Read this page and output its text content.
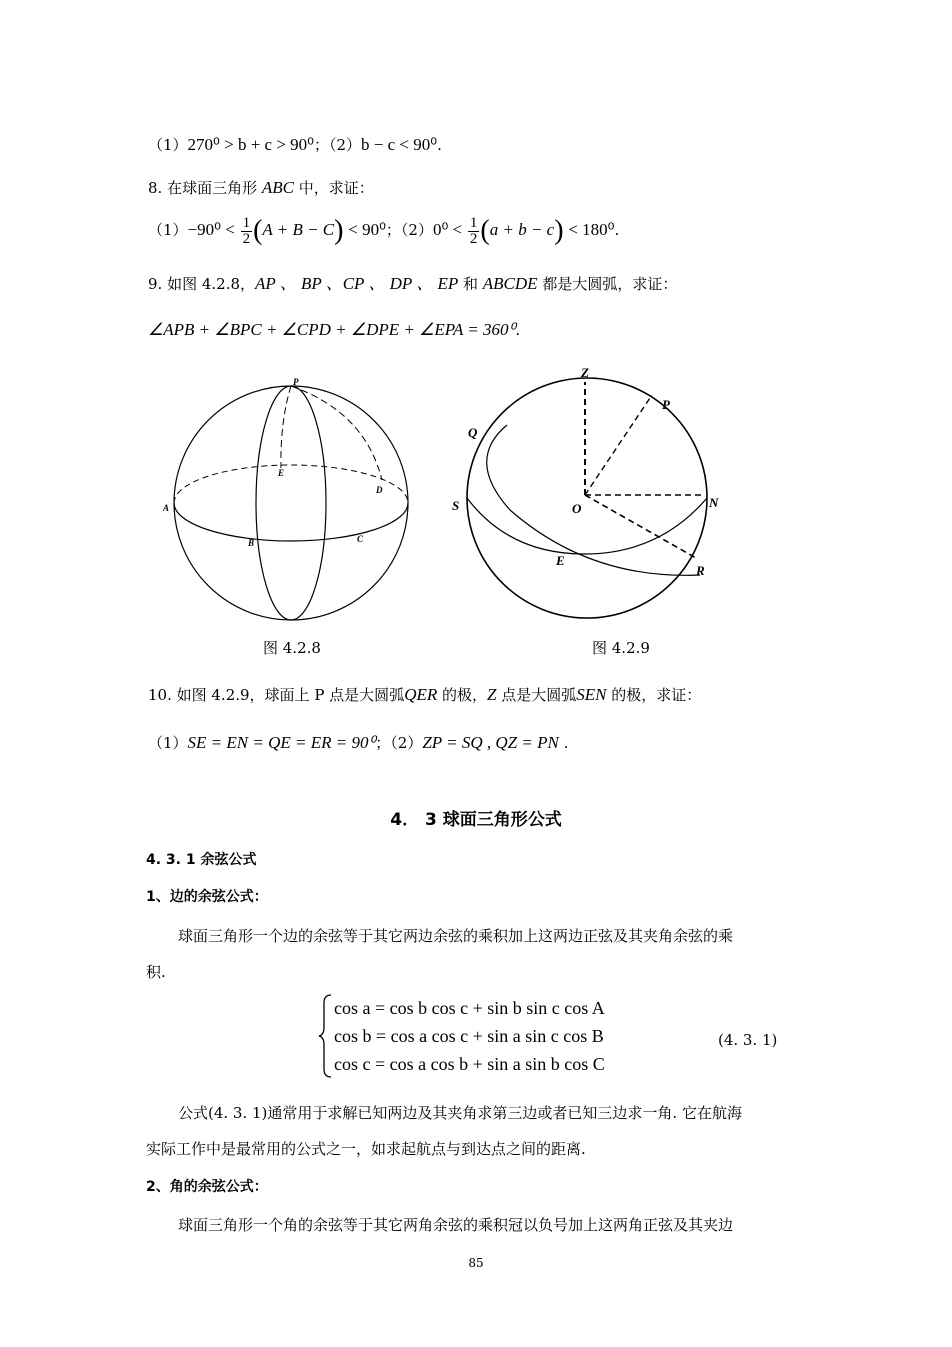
（1）270⁰ > b + c > 90⁰；（2）b − c < 90⁰.
8. 在球面三角形 ABC 中，求证：
$(1)-90^0 < \frac{1}{2} (A + B - C) < 90^0$；$(2)0^0 < \frac{1}{2} (a + b - c) < 180^0$.
9. 如图 4.2.8，AP 、 BP 、CP 、 DP 、 EP 和 ABCDE 都是大圆弧，求证：
∠APB + ∠BPC + ∠CPD + ∠DPE + ∠EPA = 360⁰.
P
E
D
A
B	C
图 4.2.8
Z
P
Q
S	O	N
E
R
图 4.2.9
10. 如图 4.2.9，球面上 P 点是大圆弧QER 的极，Z 点是大圆弧SEN 的极，求证：
（1）SE = EN = QE = ER = 90⁰；（2）ZP = SQ , QZ = PN .
4． 3 球面三角形公式
4. 3. 1 余弦公式
1、边的余弦公式：
球面三角形一个边的余弦等于其它两边余弦的乘积加上这两边正弦及其夹角余弦的乘
积.
cos a = cos b cos c + sin b sin c cos A
cos b = cos a cos c + sin a sin c cos B
cos c = cos a cos b + sin a sin b cos C
(4. 3. 1)
公式(4. 3. 1)通常用于求解已知两边及其夹角求第三边或者已知三边求一角. 它在航海
实际工作中是最常用的公式之一，如求起航点与到达点之间的距离.
2、角的余弦公式：
球面三角形一个角的余弦等于其它两角余弦的乘积冠以负号加上这两角正弦及其夹边
85
